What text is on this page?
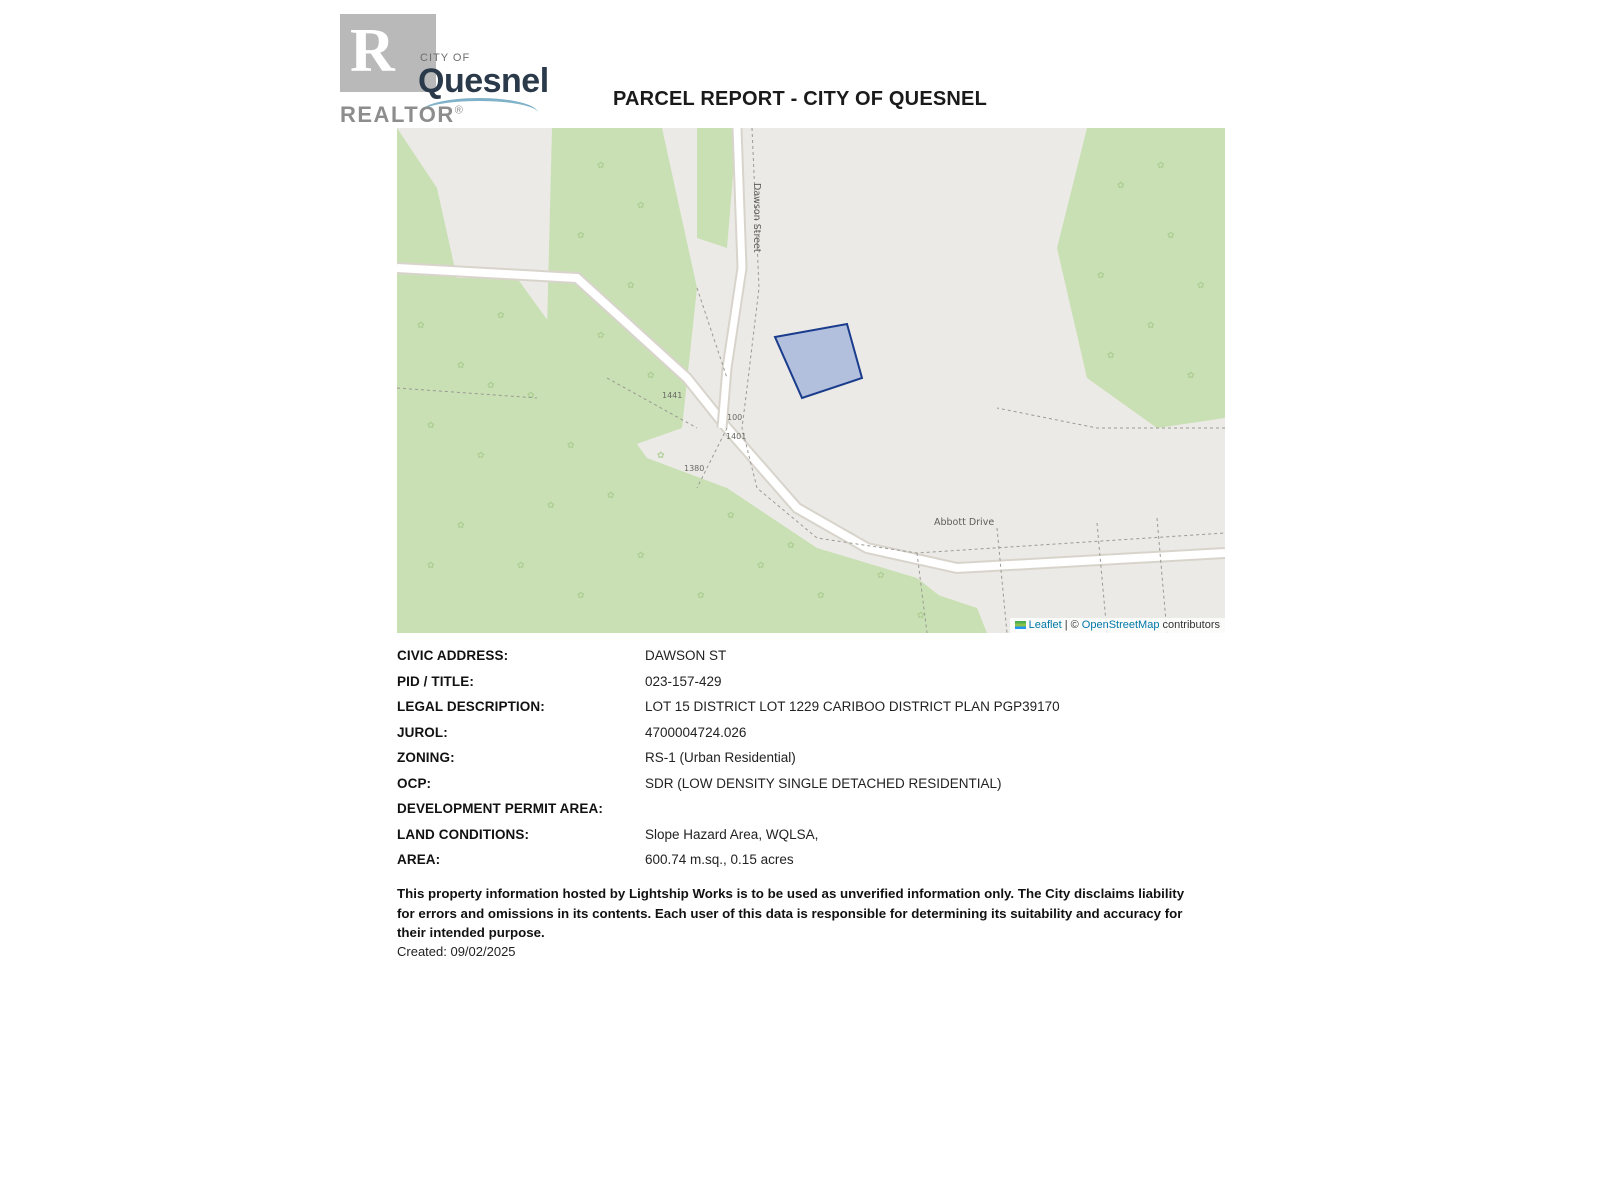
R	CITY OF
Quesnel
REALTOR®
PARCEL REPORT - CITY OF QUESNEL
✿
✿
✿
✿
✿
✿
✿
✿
✿
✿
✿
✿
✿
✿
✿
✿
✿
✿
✿
✿
✿
✿
✿
✿
✿
✿
✿
✿
✿
✿
✿
✿
✿
✿
✿
✿
✿
✿
✿
Dawson Street
Abbott Drive
1441
100
1401
1380
Leaflet | © OpenStreetMap contributors
CIVIC ADDRESS:	DAWSON ST
PID / TITLE:	023-157-429
LEGAL DESCRIPTION:	LOT 15 DISTRICT LOT 1229 CARIBOO DISTRICT PLAN PGP39170
JUROL:	4700004724.026
ZONING:	RS-1 (Urban Residential)
OCP:	SDR (LOW DENSITY SINGLE DETACHED RESIDENTIAL)
DEVELOPMENT PERMIT AREA:
LAND CONDITIONS:	Slope Hazard Area, WQLSA,
AREA:	600.74 m.sq., 0.15 acres
This property information hosted by Lightship Works is to be used as unverified information only. The City disclaims liability for errors and omissions in its contents. Each user of this data is responsible for determining its suitability and accuracy for their intended purpose.
Created: 09/02/2025
